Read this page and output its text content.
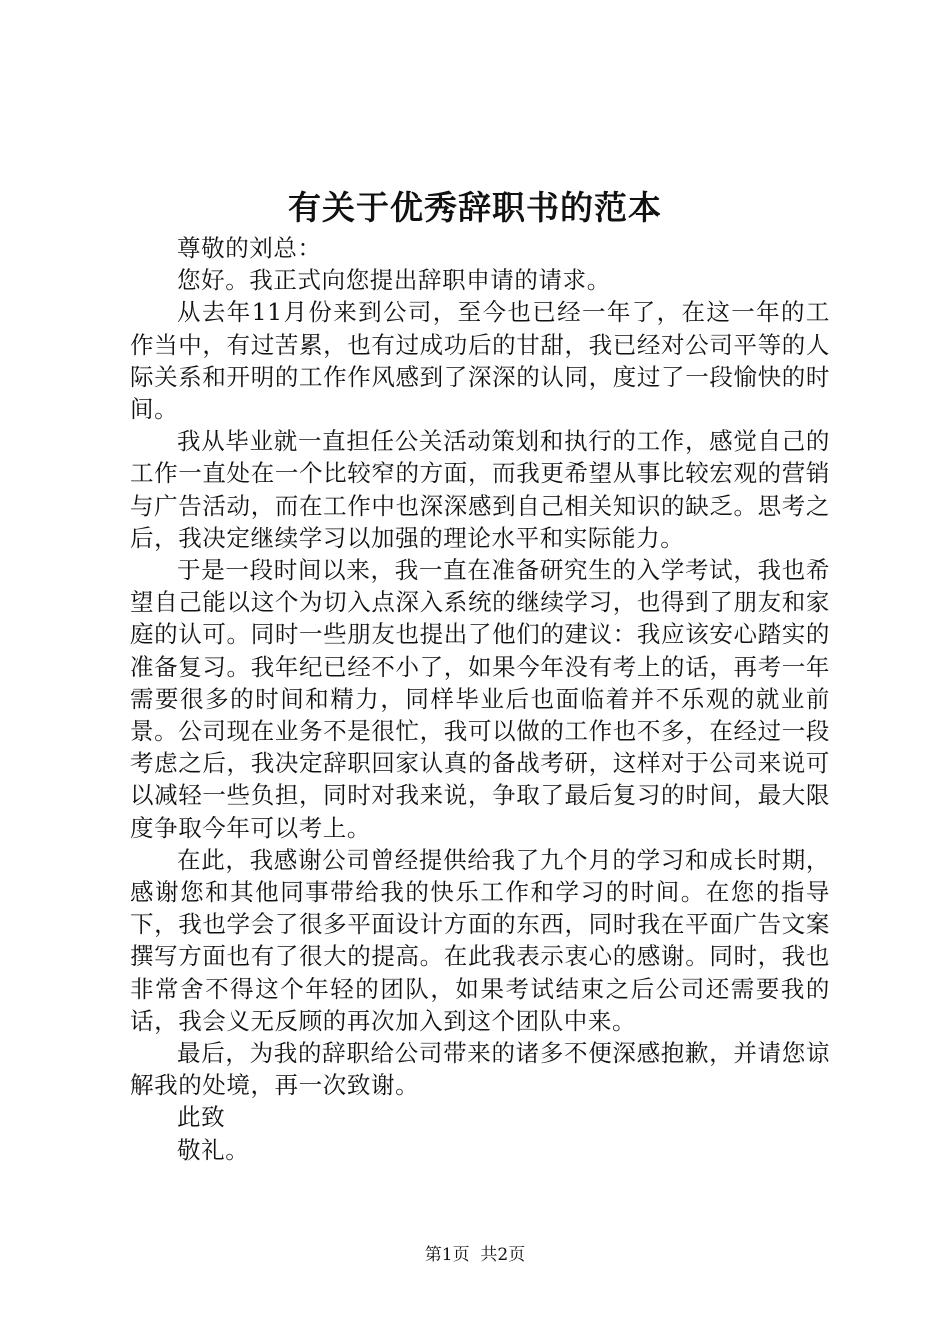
有关于优秀辞职书的范本

尊敬的刘总：

您好。我正式向您提出辞职申请的请求。

从去年11月份来到公司，至今也已经一年了，在这一年的工作当中，有过苦累，也有过成功后的甘甜，我已经对公司平等的人际关系和开明的工作作风感到了深深的认同，度过了一段愉快的时间。

我从毕业就一直担任公关活动策划和执行的工作，感觉自己的工作一直处在一个比较窄的方面，而我更希望从事比较宏观的营销与广告活动，而在工作中也深深感到自己相关知识的缺乏。思考之后，我决定继续学习以加强的理论水平和实际能力。

于是一段时间以来，我一直在准备研究生的入学考试，我也希望自己能以这个为切入点深入系统的继续学习，也得到了朋友和家庭的认可。同时一些朋友也提出了他们的建议：我应该安心踏实的准备复习。我年纪已经不小了，如果今年没有考上的话，再考一年需要很多的时间和精力，同样毕业后也面临着并不乐观的就业前景。公司现在业务不是很忙，我可以做的工作也不多，在经过一段考虑之后，我决定辞职回家认真的备战考研，这样对于公司来说可以减轻一些负担，同时对我来说，争取了最后复习的时间，最大限度争取今年可以考上。

在此，我感谢公司曾经提供给我了九个月的学习和成长时期，感谢您和其他同事带给我的快乐工作和学习的时间。在您的指导下，我也学会了很多平面设计方面的东西，同时我在平面广告文案撰写方面也有了很大的提高。在此我表示衷心的感谢。同时，我也非常舍不得这个年轻的团队，如果考试结束之后公司还需要我的话，我会义无反顾的再次加入到这个团队中来。

最后，为我的辞职给公司带来的诸多不便深感抱歉，并请您谅解我的处境，再一次致谢。

此致

敬礼。

第1页  共2页
